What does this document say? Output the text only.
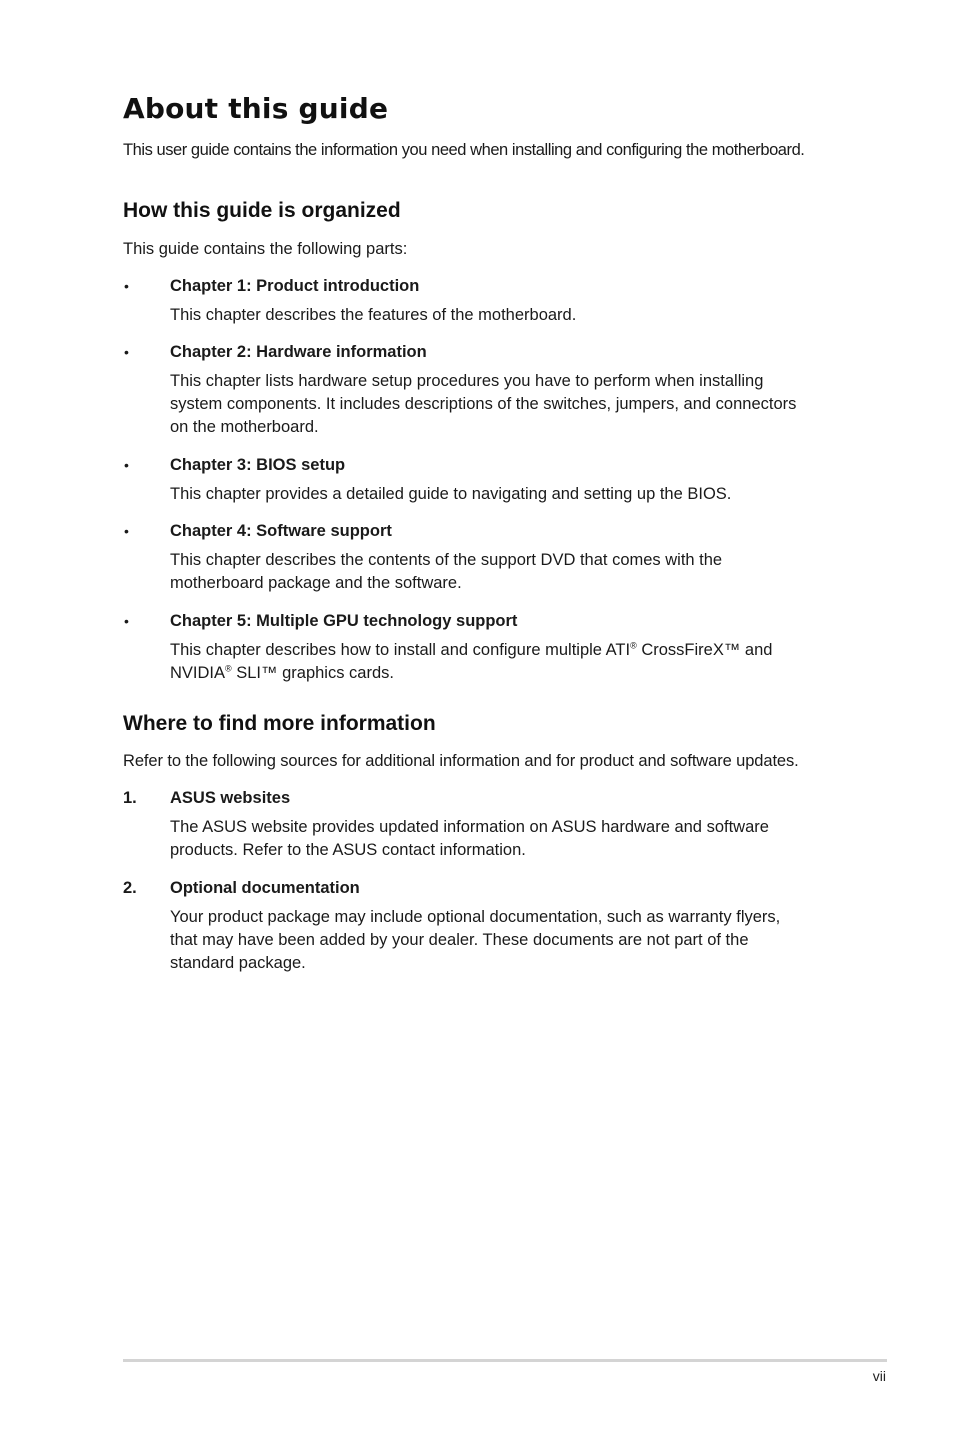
About this guide

This user guide contains the information you need when installing and configuring the motherboard.

How this guide is organized

This guide contains the following parts:

• Chapter 1: Product introduction

This chapter describes the features of the motherboard.

• Chapter 2: Hardware information

This chapter lists hardware setup procedures you have to perform when installing
system components. It includes descriptions of the switches, jumpers, and connectors
on the motherboard.

• Chapter 3: BIOS setup

This chapter provides a detailed guide to navigating and setting up the BIOS.

• Chapter 4: Software support

This chapter describes the contents of the support DVD that comes with the
motherboard package and the software.

• Chapter 5: Multiple GPU technology support

This chapter describes how to install and configure multiple ATI® CrossFireX™ and
NVIDIA® SLI™ graphics cards.

Where to find more information

Refer to the following sources for additional information and for product and software updates.

1. ASUS websites

The ASUS website provides updated information on ASUS hardware and software
products. Refer to the ASUS contact information.

2. Optional documentation

Your product package may include optional documentation, such as warranty flyers,
that may have been added by your dealer. These documents are not part of the
standard package.

vii
